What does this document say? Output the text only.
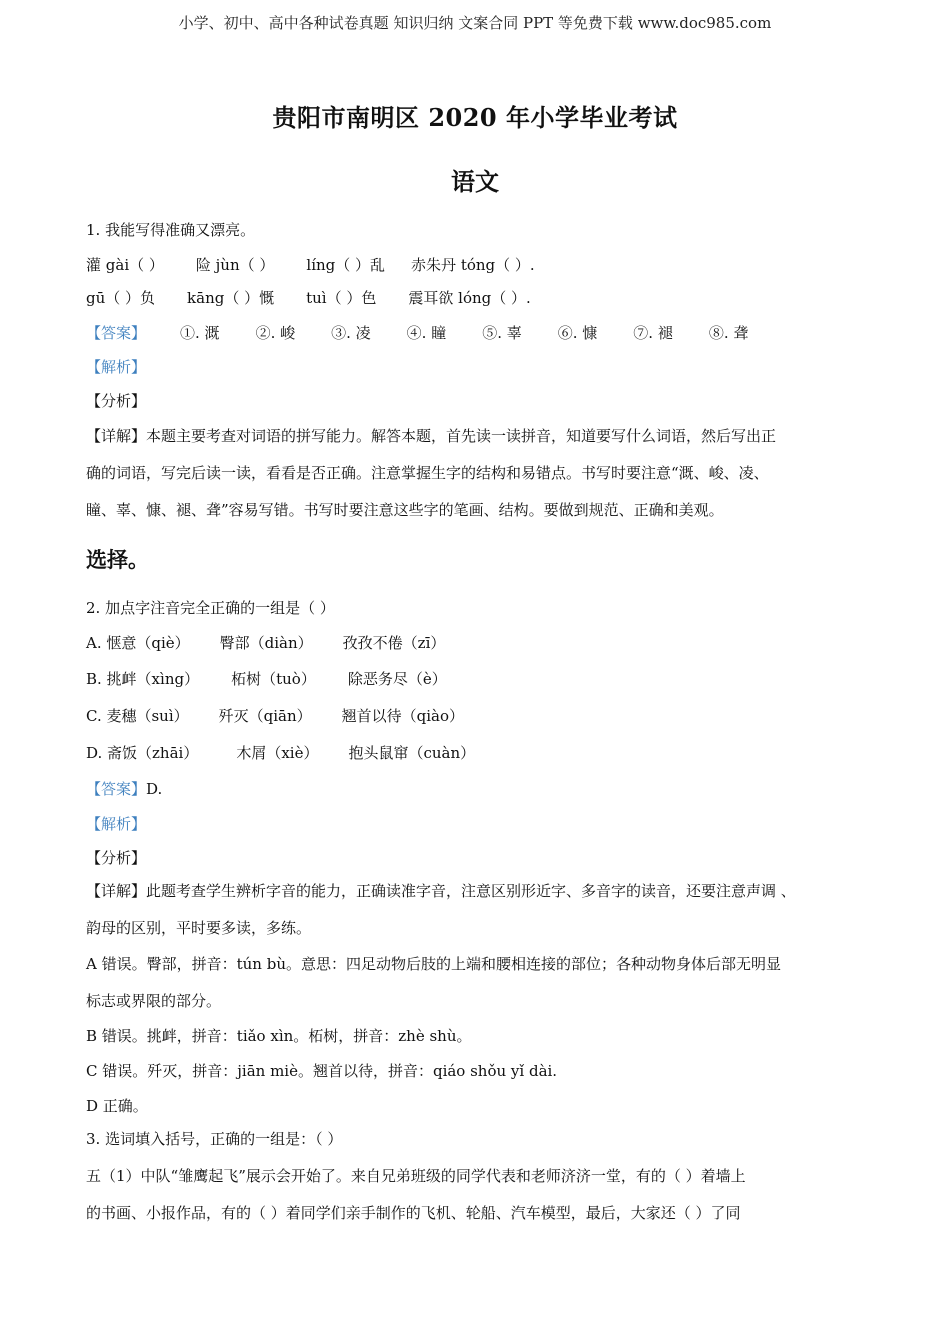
小学、初中、高中各种试卷真题 知识归纳 文案合同 PPT 等免费下载 www.doc985.com
贵阳市南明区 2020 年小学毕业考试
语文
1. 我能写得准确又漂亮。
灌 gài（ ） 险 jùn（ ） líng（ ）乱 赤朱丹 tóng（ ）.
gū（ ）负 kāng（ ）慨 tuì（ ）色 震耳欲 lóng（ ）.
【答案】 ①. 溉 ②. 峻 ③. 凌 ④. 瞳 ⑤. 辜 ⑥. 慷 ⑦. 褪 ⑧. 聋
【解析】
【分析】
【详解】本题主要考查对词语的拼写能力。解答本题，首先读一读拼音，知道要写什么词语，然后写出正
确的词语，写完后读一读，看看是否正确。注意掌握生字的结构和易错点。书写时要注意“溉、峻、凌、
瞳、辜、慷、褪、聋”容易写错。书写时要注意这些字的笔画、结构。要做到规范、正确和美观。
选择。
2. 加点字注音完全正确的一组是（ ）
A. 惬意（qiè） 臀部（diàn） 孜孜不倦（zī）
B. 挑衅（xìng） 柘树（tuò） 除恶务尽（è）
C. 麦穗（suì） 歼灭（qiān） 翘首以待（qiào）
D. 斋饭（zhāi）	木屑（xiè） 抱头鼠窜（cuàn）
【答案】D.
【解析】
【分析】
【详解】此题考查学生辨析字音的能力，正确读准字音，注意区别形近字、多音字的读音，还要注意声调 、
韵母的区别，平时要多读，多练。
A 错误。臀部，拼音：tún bù。意思：四足动物后肢的上端和腰相连接的部位；各种动物身体后部无明显
标志或界限的部分。
B 错误。挑衅，拼音：tiǎo xìn。柘树，拼音：zhè shù。
C 错误。歼灭，拼音：jiān miè。翘首以待，拼音：qiáo shǒu yǐ dài.
D 正确。
3. 选词填入括号，正确的一组是：（ ）
五（1）中队“雏鹰起飞”展示会开始了。来自兄弟班级的同学代表和老师济济一堂，有的（ ）着墙上
的书画、小报作品，有的（ ）着同学们亲手制作的飞机、轮船、汽车模型，最后，大家还（ ）了同
